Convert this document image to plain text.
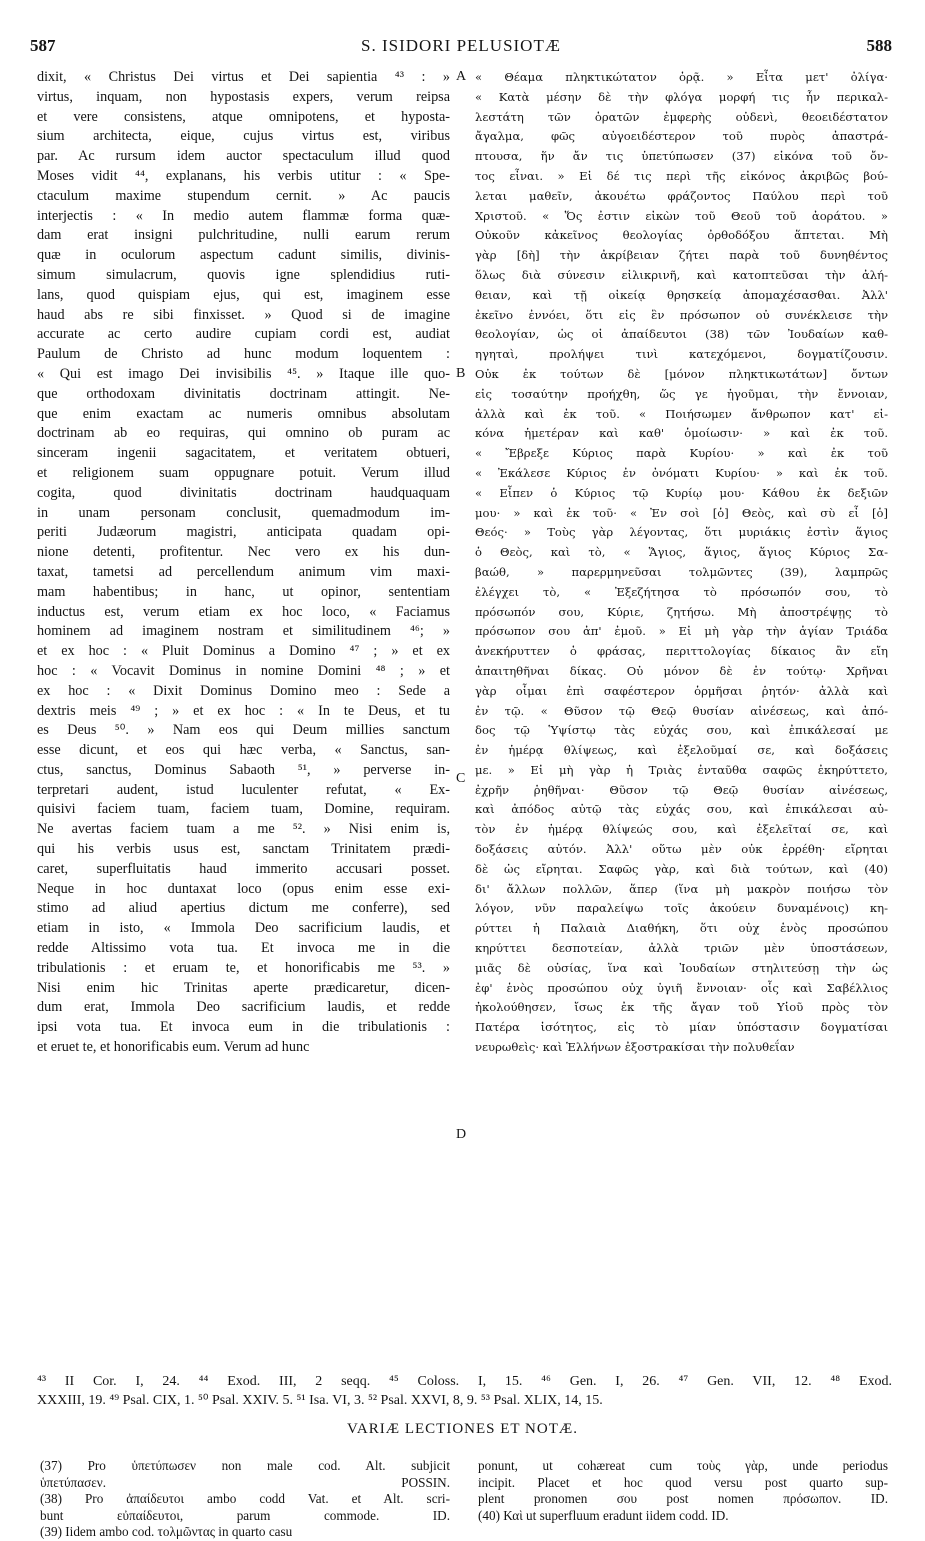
587	S. ISIDORI PELUSIOTÆ	588
dixit, « Christus Dei virtus et Dei sapientia ⁴³ : »
virtus, inquam, non hypostasis expers, verum reipsa
et vere consistens, atque omnipotens, et hyposta-
sium architecta, eique, cujus virtus est, viribus
par. Ac rursum idem auctor spectaculum illud quod
Moses vidit ⁴⁴, explanans, his verbis utitur : « Spe-
ctaculum maxime stupendum cernit. » Ac paucis
interjectis : « In medio autem flammæ forma quæ-
dam erat insigni pulchritudine, nulli earum rerum
quæ in oculorum aspectum cadunt similis, divinis-
simum simulacrum, quovis igne splendidius ruti-
lans, quod quispiam ejus, qui est, imaginem esse
haud abs re sibi finxisset. » Quod si de imagine
accurate ac certo audire cupiam cordi est, audiat
Paulum de Christo ad hunc modum loquentem :
« Qui est imago Dei invisibilis ⁴⁵. » Itaque ille quo-
que orthodoxam divinitatis doctrinam attingit. Ne-
que enim exactam ac numeris omnibus absolutam
doctrinam ab eo requiras, qui omnino ob puram ac
sinceram ingenii sagacitatem, et veritatem obtueri,
et religionem suam oppugnare potuit. Verum illud
cogita, quod divinitatis doctrinam haudquaquam
in unam personam conclusit, quemadmodum im-
periti Judæorum magistri, anticipata quadam opi-
nione detenti, profitentur. Nec vero ex his dun-
taxat, tametsi ad percellendum animum vim maxi-
mam habentibus; in hanc, ut opinor, sententiam
inductus est, verum etiam ex hoc loco, « Faciamus
hominem ad imaginem nostram et similitudinem ⁴⁶; »
et ex hoc : « Pluit Dominus a Domino ⁴⁷ ; » et ex
hoc : « Vocavit Dominus in nomine Domini ⁴⁸ ; » et
ex hoc : « Dixit Dominus Domino meo : Sede a
dextris meis ⁴⁹ ; » et ex hoc : « In te Deus, et tu
es Deus ⁵⁰. » Nam eos qui Deum millies sanctum
esse dicunt, et eos qui hæc verba, « Sanctus, san-
ctus, sanctus, Dominus Sabaoth ⁵¹, » perverse in-
terpretari audent, istud luculenter refutat, « Ex-
quisivi faciem tuam, faciem tuam, Domine, requiram.
Ne avertas faciem tuam a me ⁵². » Nisi enim is,
qui his verbis usus est, sanctam Trinitatem prædi-
caret, superfluitatis haud immerito accusari posset.
Neque in hoc duntaxat loco (opus enim esse exi-
stimo ad aliud apertius dictum me conferre), sed
etiam in isto, « Immola Deo sacrificium laudis, et
redde Altissimo vota tua. Et invoca me in die
tribulationis : et eruam te, et honorificabis me ⁵³. »
Nisi enim hic Trinitas aperte prædicaretur, dicen-
dum erat, Immola Deo sacrificium laudis, et redde
ipsi vota tua. Et invoca eum in die tribulationis :
et eruet te, et honorificabis eum. Verum ad hunc
« Θέαμα πληκτικώτατον ὁρᾷ. » Εἶτα μετ' ὀλίγα·
« Κατὰ μέσην δὲ τὴν φλόγα μορφή τις ἦν περικαλ-
λεστάτη τῶν ὁρατῶν ἐμφερὴς οὐδενὶ, θεοειδέστατον
ἄγαλμα, φῶς αὐγοειδέστερον τοῦ πυρὸς ἀπαστρά-
πτουσα, ἥν ἄν τις ὑπετύπωσεν (37) εἰκόνα τοῦ ὄν-
τος εἶναι. » Εἰ δέ τις περὶ τῆς εἰκόνος ἀκριβῶς βού-
λεται μαθεῖν, ἀκουέτω φράζοντος Παύλου περὶ τοῦ
Χριστοῦ. « Ὅς ἐστιν εἰκὼν τοῦ Θεοῦ τοῦ ἀοράτου. »
Οὐκοῦν κἀκεῖνος θεολογίας ὀρθοδόξου ἅπτεται. Μὴ
γὰρ [δὴ] τὴν ἀκρίβειαν ζήτει παρὰ τοῦ δυνηθέντος
ὅλως διὰ σύνεσιν εἰλικρινῆ, καὶ κατοπτεῦσαι τὴν ἀλή-
θειαν, καὶ τῇ οἰκείᾳ θρησκείᾳ ἀπομαχέσασθαι. Ἀλλ'
ἐκεῖνο ἐννόει, ὅτι εἰς ἓν πρόσωπον οὐ συνέκλεισε τὴν
θεολογίαν, ὡς οἱ ἀπαίδευτοι (38) τῶν Ἰουδαίων καθ-
ηγηταὶ, προλήψει τινὶ κατεχόμενοι, δογματίζουσιν.
Οὐκ ἐκ τούτων δὲ [μόνον πληκτικωτάτων] ὄντων
εἰς τοσαύτην προήχθη, ὥς γε ἡγοῦμαι, τὴν ἔννοιαν,
ἀλλὰ καὶ ἐκ τοῦ. « Ποιήσωμεν ἄνθρωπον κατ' εἰ-
κόνα ἡμετέραν καὶ καθ' ὁμοίωσιν· » καὶ ἐκ τοῦ.
« Ἔβρεξε Κύριος παρὰ Κυρίου· » καὶ ἐκ τοῦ
« Ἐκάλεσε Κύριος ἐν ὀνόματι Κυρίου· » καὶ ἐκ τοῦ.
« Εἶπεν ὁ Κύριος τῷ Κυρίῳ μου· Κάθου ἐκ δεξιῶν
μου· » καὶ ἐκ τοῦ· « Ἐν σοὶ [ὁ] Θεὸς, καὶ σὺ εἶ [ὁ]
Θεός· » Τοὺς γὰρ λέγοντας, ὅτι μυριάκις ἐστὶν ἅγιος
ὁ Θεὸς, καὶ τὸ, « Ἅγιος, ἅγιος, ἅγιος Κύριος Σα-
βαώθ, » παρερμηνεῦσαι τολμῶντες (39), λαμπρῶς
ἐλέγχει τὸ, « Ἐξεζήτησα τὸ πρόσωπόν σου, τὸ
πρόσωπόν σου, Κύριε, ζητήσω. Μὴ ἀποστρέψῃς τὸ
πρόσωπον σου ἀπ' ἐμοῦ. » Εἰ μὴ γὰρ τὴν ἁγίαν Τριάδα
ἀνεκήρυττεν ὁ φράσας, περιττολογίας δίκαιος ἂν εἴη
ἀπαιτηθῆναι δίκας. Οὐ μόνον δὲ ἐν τούτῳ· Χρῆναι
γὰρ οἶμαι ἐπὶ σαφέστερον ὁρμῆσαι ῥητόν· ἀλλὰ καὶ
ἐν τῷ. « Θῦσον τῷ Θεῷ θυσίαν αἰνέσεως, καὶ ἀπό-
δος τῷ Ὑψίστῳ τὰς εὐχάς σου, καὶ ἐπικάλεσαί με
ἐν ἡμέρᾳ θλίψεως, καὶ ἐξελοῦμαί σε, καὶ δοξάσεις
με. » Εἰ μὴ γὰρ ἡ Τριὰς ἐνταῦθα σαφῶς ἐκηρύττετο,
ἐχρῆν ῥηθῆναι· Θῦσον τῷ Θεῷ θυσίαν αἰνέσεως,
καὶ ἀπόδος αὐτῷ τὰς εὐχάς σου, καὶ ἐπικάλεσαι αὐ-
τὸν ἐν ἡμέρᾳ θλίψεώς σου, καὶ ἐξελεῖταί σε, καὶ
δοξάσεις αὐτόν. Ἀλλ' οὕτω μὲν οὐκ ἐρρέθη· εἴρηται
δὲ ὡς εἴρηται. Σαφῶς γὰρ, καὶ διὰ τούτων, καὶ (40)
δι' ἄλλων πολλῶν, ἅπερ (ἵνα μὴ μακρὸν ποιήσω τὸν
λόγον, νῦν παραλείψω τοῖς ἀκούειν δυναμένοις) κη-
ρύττει ἡ Παλαιὰ Διαθήκη, ὅτι οὐχ ἑνὸς προσώπου
κηρύττει δεσποτείαν, ἀλλὰ τριῶν μὲν ὑποστάσεων,
μιᾶς δὲ οὐσίας, ἵνα καὶ Ἰουδαίων στηλιτεύσῃ τὴν ὡς
ἐφ' ἑνὸς προσώπου οὐχ ὑγιῆ ἔννοιαν· οἷς καὶ Σαβέλλιος
ἠκολούθησεν, ἴσως ἐκ τῆς ἄγαν τοῦ Υἱοῦ πρὸς τὸν
Πατέρα ἰσότητος, εἰς τὸ μίαν ὑπόστασιν δογματίσαι
νευρωθεὶς· καὶ Ἑλλήνων ἐξοστρακίσαι τὴν πολυθεΐαν
A
B
C
D
⁴³ II Cor. I, 24. ⁴⁴ Exod. III, 2 seqq. ⁴⁵ Coloss. I, 15. ⁴⁶ Gen. I, 26. ⁴⁷ Gen. VII, 12. ⁴⁸ Exod.
XXXIII, 19. ⁴⁹ Psal. CIX, 1. ⁵⁰ Psal. XXIV. 5. ⁵¹ Isa. VI, 3. ⁵² Psal. XXVI, 8, 9. ⁵³ Psal. XLIX, 14, 15.
VARIÆ LECTIONES ET NOTÆ.
(37) Pro ὑπετύπωσεν non male cod. Alt. subjicit
ὑπετύπασεν. POSSIN.
(38) Pro ἀπαίδευτοι ambo codd Vat. et Alt. scri-
bunt εὐπαίδευτοι, parum commode. ID.
(39) Iidem ambo cod. τολμῶντας in quarto casu
ponunt, ut cohæreat cum τοὺς γὰρ, unde periodus
incipit. Placet et hoc quod versu post quarto sup-
plent pronomen σου post nomen πρόσωπον. ID.
(40) Καὶ ut superfluum eradunt iidem codd. ID.
